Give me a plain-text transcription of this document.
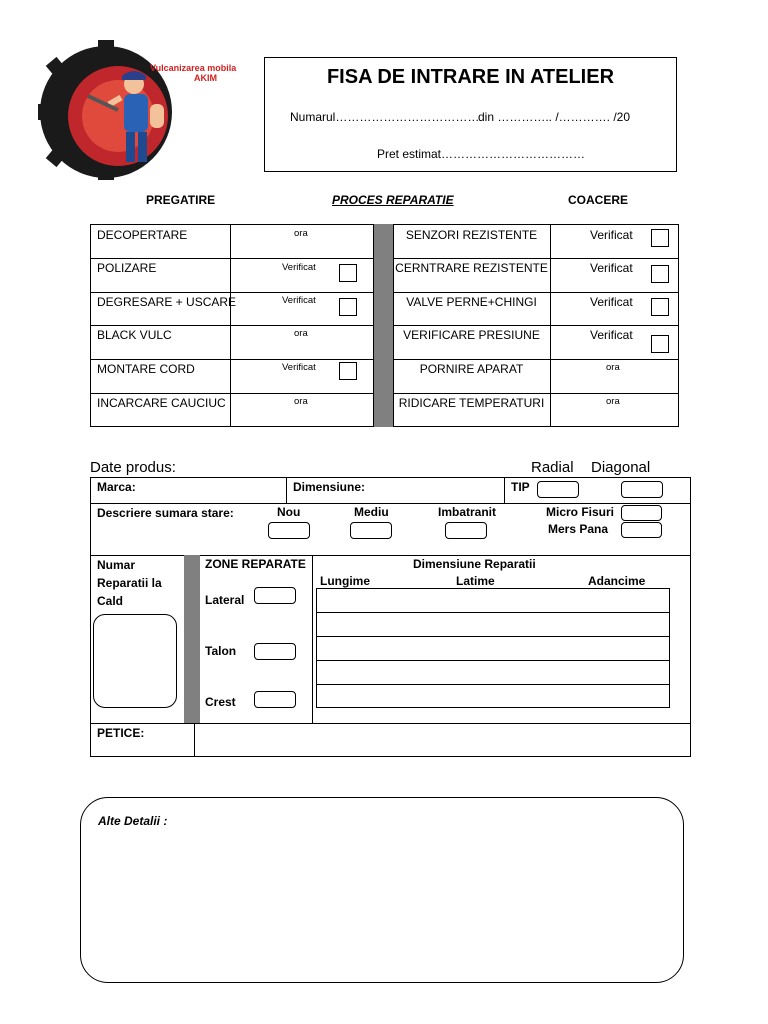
Vulcanizarea mobila
AKIM	FISA DE INTRARE IN ATELIER
Numarul………………………………
din ………….. /…………. /20
Pret estimat………………………………
PREGATIRE	PROCES REPARATIE	COACERE
DECOPERTARE	ora
POLIZARE	Verificat
DEGRESARE + USCARE	Verificat
BLACK VULC	ora
MONTARE CORD	Verificat
INCARCARE CAUCIUC	ora
SENZORI REZISTENTE	Verificat
CERNTRARE REZISTENTE	Verificat
VALVE PERNE+CHINGI	Verificat
VERIFICARE PRESIUNE	Verificat
PORNIRE APARAT	ora
RIDICARE TEMPERATURI	ora
Date produs:	Radial Diagonal
Marca:	Dimensiune:	TIP
Descriere sumara stare:	Nou	Mediu	Imbatranit	Micro Fisuri
Mers Pana
Numar Reparatii la Cald
ZONE REPARATE
Lateral
Talon
Crest
Dimensiune Reparatii
Lungime	Latime	Adancime
PETICE:
Alte Detalii :
